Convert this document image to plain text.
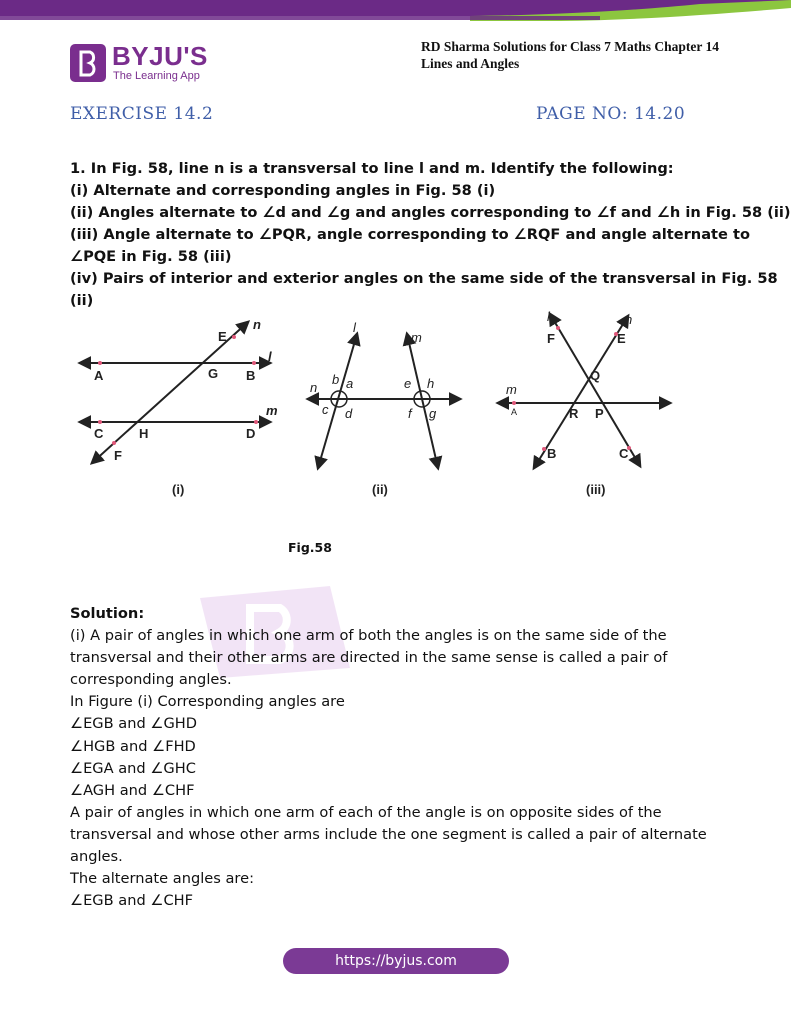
BYJU'S
The Learning App
RD Sharma Solutions for Class 7 Maths Chapter 14
Lines and Angles
EXERCISE 14.2	PAGE NO: 14.20
1. In Fig. 58, line n is a transversal to line l and m. Identify the following:
(i) Alternate and corresponding angles in Fig. 58 (i)
(ii) Angles alternate to ∠d and ∠g and angles corresponding to ∠f and ∠h in Fig. 58 (ii)
(iii) Angle alternate to ∠PQR, angle corresponding to ∠RQF and angle alternate to
∠PQE in Fig. 58 (iii)
(iv) Pairs of interior and exterior angles on the same side of the transversal in Fig. 58
(ii)
E
n
l
A	G B
m
C	H	D
F
(i)
l
m
n a
b
c d
e h
f g
(ii)
l	n
F	E
Q
m
A	R P
B	C
(iii)
Fig.58
Solution:
(i) A pair of angles in which one arm of both the angles is on the same side of the
transversal and their other arms are directed in the same sense is called a pair of
corresponding angles.
In Figure (i) Corresponding angles are
∠EGB and ∠GHD
∠HGB and ∠FHD
∠EGA and ∠GHC
∠AGH and ∠CHF
A pair of angles in which one arm of each of the angle is on opposite sides of the
transversal and whose other arms include the one segment is called a pair of alternate
angles.
The alternate angles are:
∠EGB and ∠CHF
https://byjus.com
